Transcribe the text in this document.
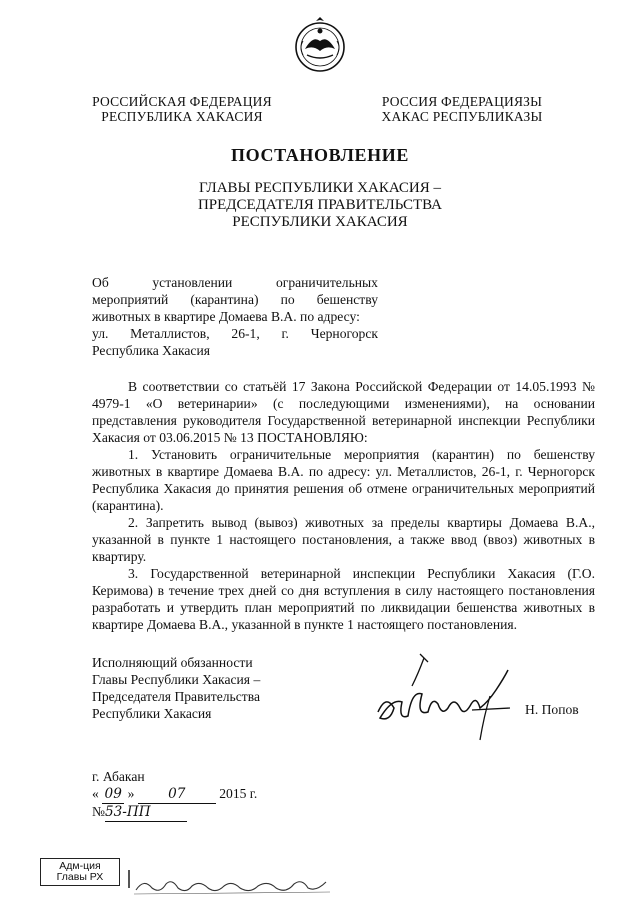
РОССИЙСКАЯ ФЕДЕРАЦИЯ
РЕСПУБЛИКА ХАКАСИЯ
РОССИЯ ФЕДЕРАЦИЯЗЫ
ХАКАС РЕСПУБЛИКАЗЫ
ПОСТАНОВЛЕНИЕ
ГЛАВЫ РЕСПУБЛИКИ ХАКАСИЯ –
ПРЕДСЕДАТЕЛЯ ПРАВИТЕЛЬСТВА
РЕСПУБЛИКИ ХАКАСИЯ
Об	установлении	ограничительных
мероприятий (карантина) по бешенству
животных в квартире Домаева В.А. по адресу:
ул. Металлистов, 26-1, г. Черногорск
Республика Хакасия

В соответствии со статьёй 17 Закона Российской Федерации от 14.05.1993 № 4979-1 «О ветеринарии» (с последующими изменениями), на основании представления руководителя Государственной ветеринарной инспекции Республики Хакасия от 03.06.2015 № 13 ПОСТАНОВЛЯЮ:

1. Установить ограничительные мероприятия (карантин) по бешенству животных в квартире Домаева В.А. по адресу: ул. Металлистов, 26-1, г. Черногорск Республика Хакасия до принятия решения об отмене ограничительных мероприятий (карантина).

2. Запретить вывод (вывоз) животных за пределы квартиры Домаева В.А., указанной в пункте 1 настоящего постановления, а также ввод (ввоз) животных в квартиру.

3. Государственной ветеринарной инспекции Республики Хакасия (Г.О. Керимова) в течение трех дней со дня вступления в силу настоящего постановления разработать и утвердить план мероприятий по ликвидации бешенства животных в квартире Домаева В.А., указанной в пункте 1 настоящего постановления.

Исполняющий обязанности
Главы Республики Хакасия –
Председателя Правительства
Республики Хакасия	Н. Попов
г. Абакан
« 09 » 07 2015 г.
№53-ПП
Адм-ция
Главы РХ
